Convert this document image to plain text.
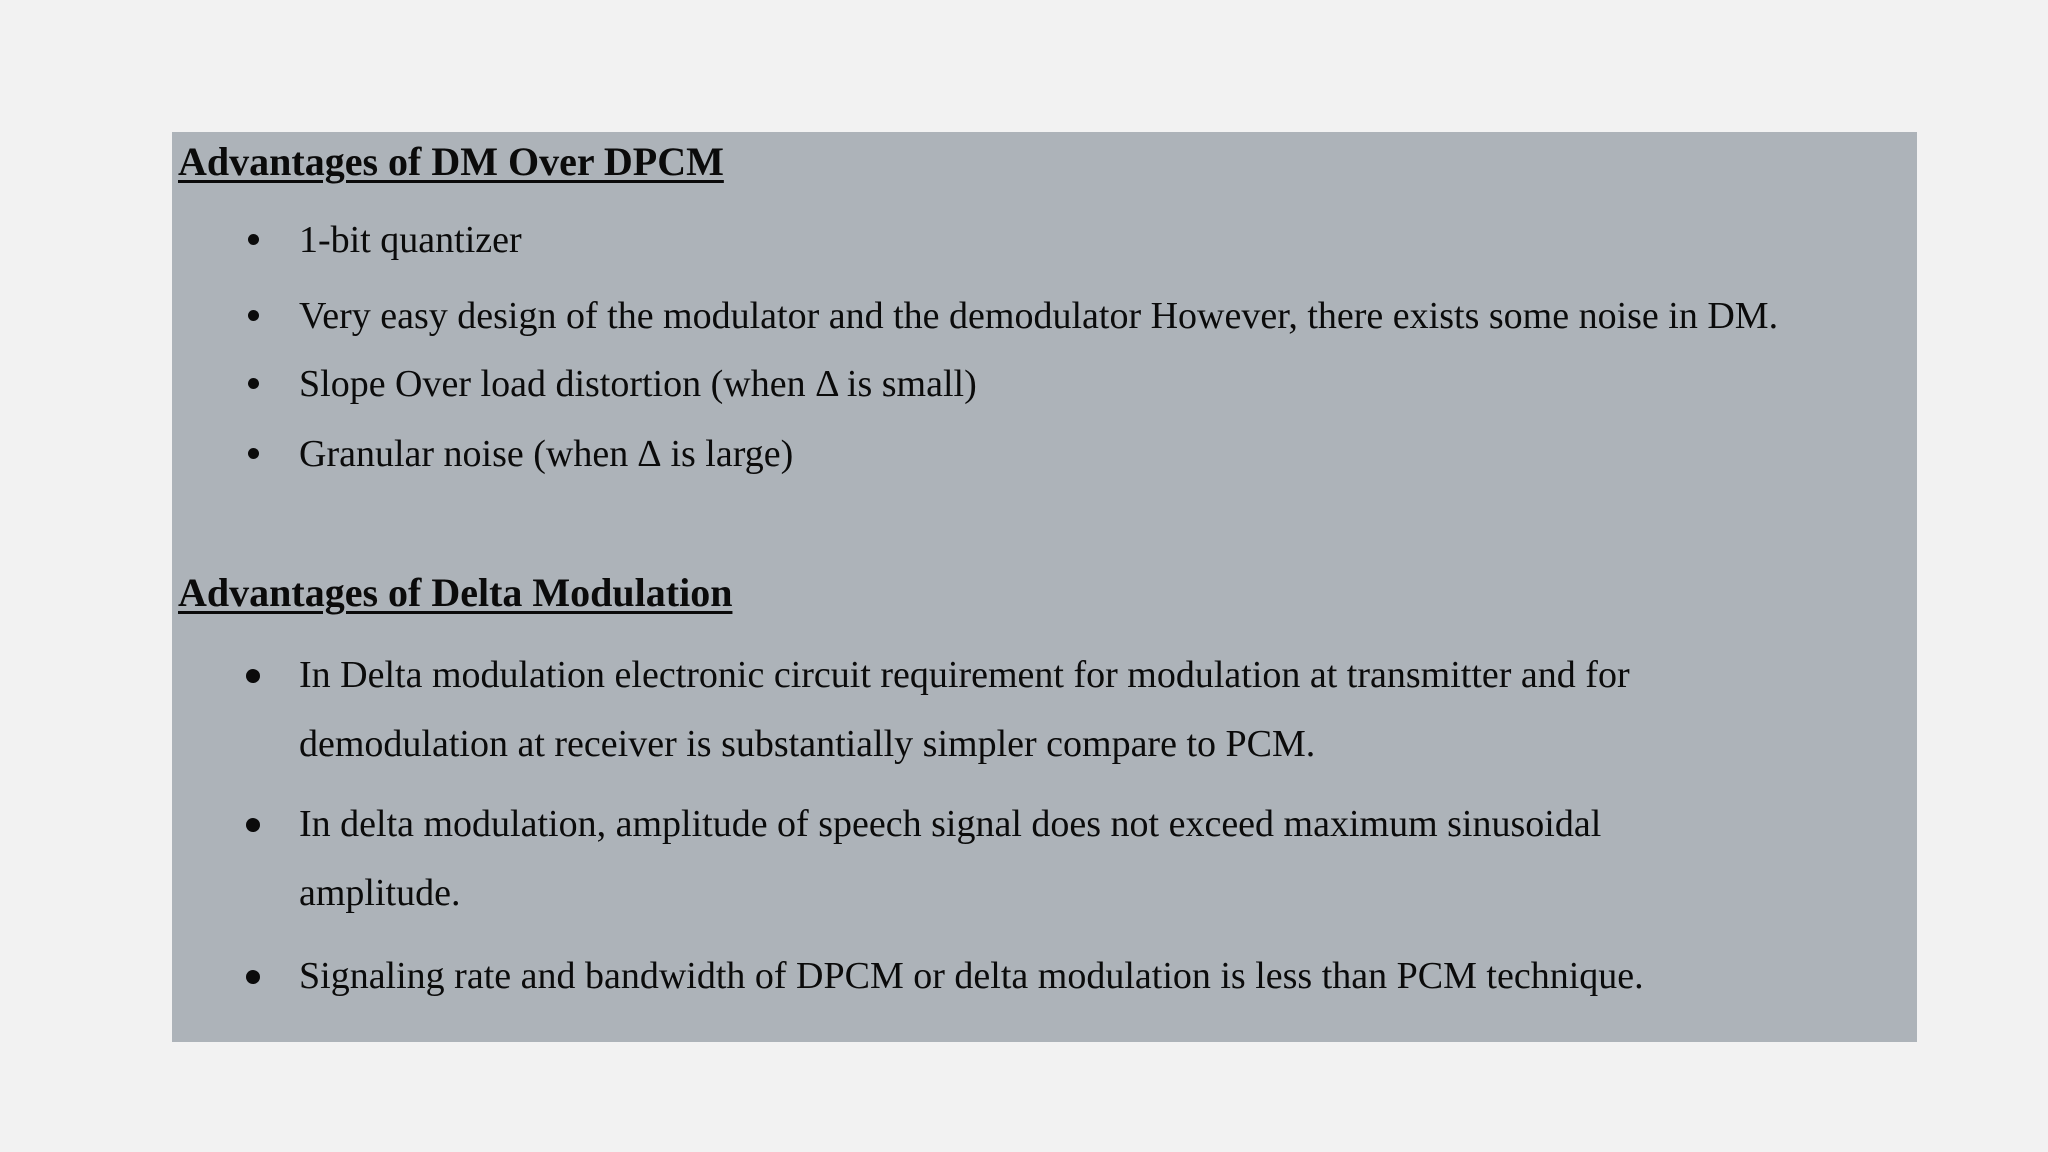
Advantages of DM Over DPCM
1-bit quantizer
Very easy design of the modulator and the demodulator However, there exists some noise in DM.
Slope Over load distortion (when Δ is small)
Granular noise (when ∆ is large)
Advantages of Delta Modulation
In Delta modulation electronic circuit requirement for modulation at transmitter and for demodulation at receiver is substantially simpler compare to PCM.
In delta modulation, amplitude of speech signal does not exceed maximum sinusoidal amplitude.
Signaling rate and bandwidth of DPCM or delta modulation is less than PCM technique.
